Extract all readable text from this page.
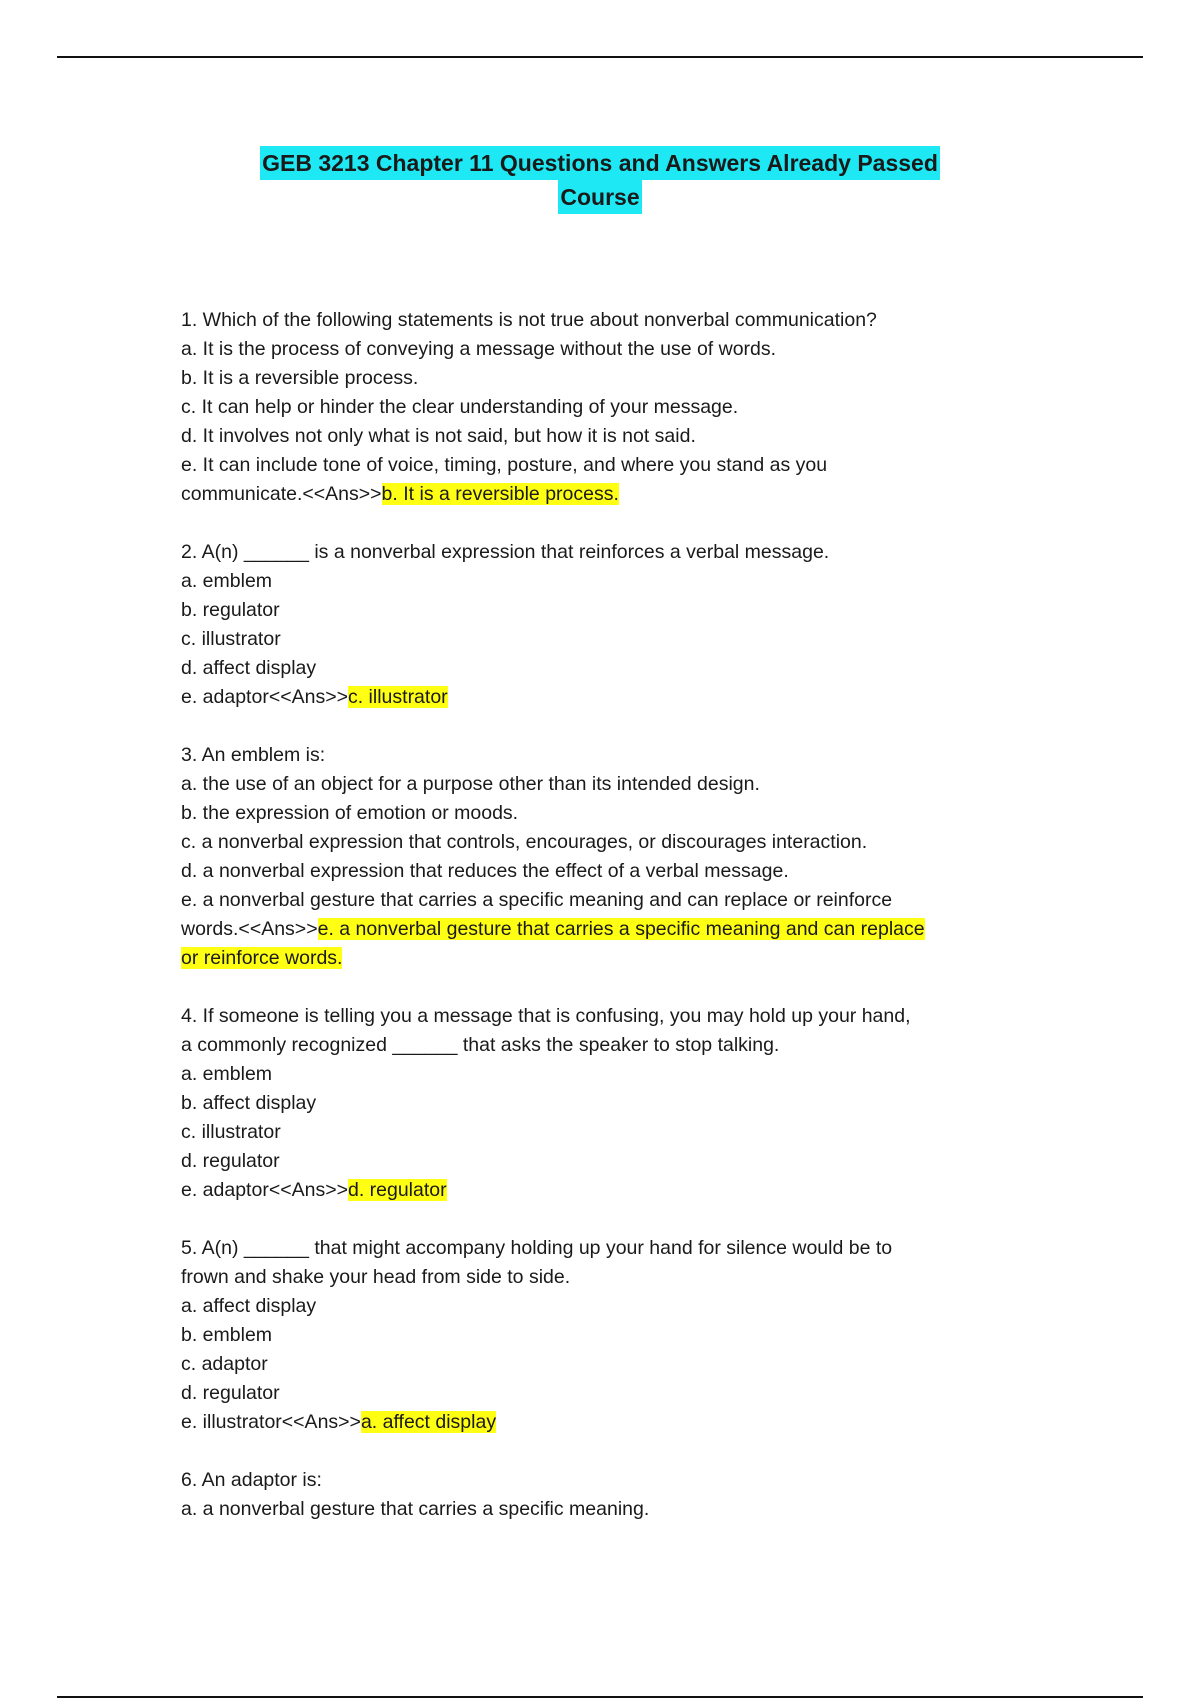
GEB 3213 Chapter 11 Questions and Answers Already Passed
Course
1. Which of the following statements is not true about nonverbal communication?
a. It is the process of conveying a message without the use of words.
b. It is a reversible process.
c. It can help or hinder the clear understanding of your message.
d. It involves not only what is not said, but how it is not said.
e. It can include tone of voice, timing, posture, and where you stand as you
communicate.<<Ans>>b. It is a reversible process.
2. A(n) ______ is a nonverbal expression that reinforces a verbal message.
a. emblem
b. regulator
c. illustrator
d. affect display
e. adaptor<<Ans>>c. illustrator
3. An emblem is:
a. the use of an object for a purpose other than its intended design.
b. the expression of emotion or moods.
c. a nonverbal expression that controls, encourages, or discourages interaction.
d. a nonverbal expression that reduces the effect of a verbal message.
e. a nonverbal gesture that carries a specific meaning and can replace or reinforce
words.<<Ans>>e. a nonverbal gesture that carries a specific meaning and can replace
or reinforce words.
4. If someone is telling you a message that is confusing, you may hold up your hand,
a commonly recognized ______ that asks the speaker to stop talking.
a. emblem
b. affect display
c. illustrator
d. regulator
e. adaptor<<Ans>>d. regulator
5. A(n) ______ that might accompany holding up your hand for silence would be to
frown and shake your head from side to side.
a. affect display
b. emblem
c. adaptor
d. regulator
e. illustrator<<Ans>>a. affect display
6. An adaptor is:
a. a nonverbal gesture that carries a specific meaning.
